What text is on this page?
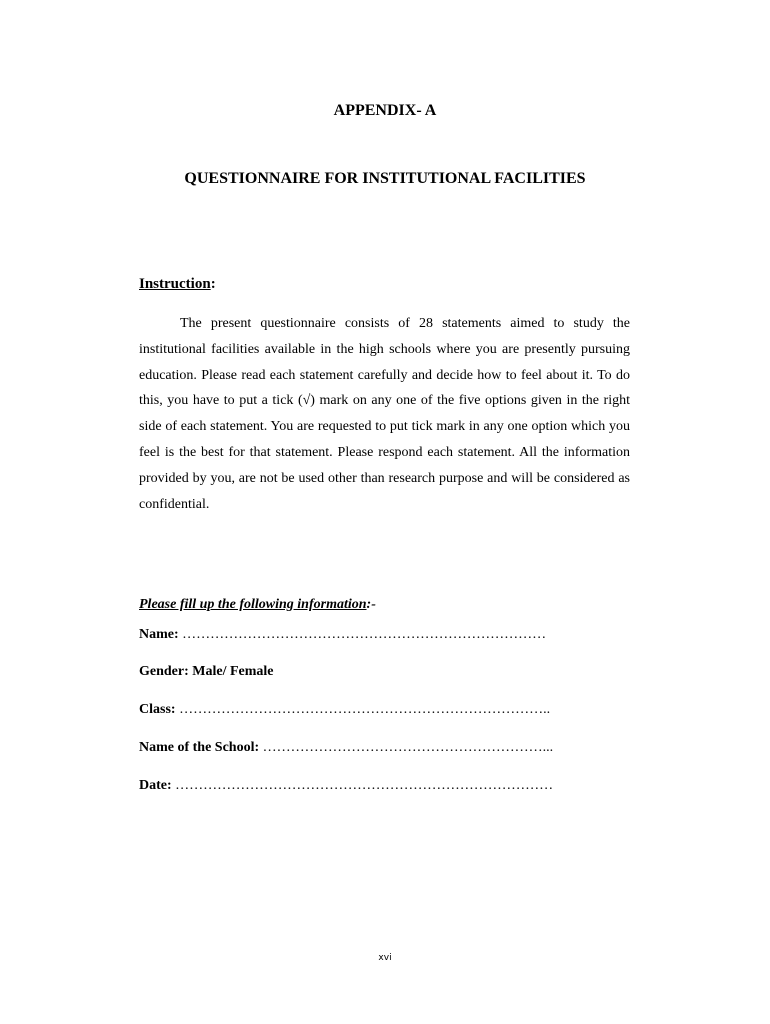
APPENDIX- A
QUESTIONNAIRE FOR INSTITUTIONAL FACILITIES
Instruction:

The present questionnaire consists of 28 statements aimed to study the institutional facilities available in the high schools where you are presently pursuing education. Please read each statement carefully and decide how to feel about it. To do this, you have to put a tick (√) mark on any one of the five options given in the right side of each statement. You are requested to put tick mark in any one option which you feel is the best for that statement. Please respond each statement. All the information provided by you, are not be used other than research purpose and will be considered as confidential.

Please fill up the following information:-
Name: ……………………………………………………………………
Gender: Male/ Female
Class: ……………………………………………………………………..
Name of the School: ……………………………………………………...
Date: ………………………………………………………………………
xvi
